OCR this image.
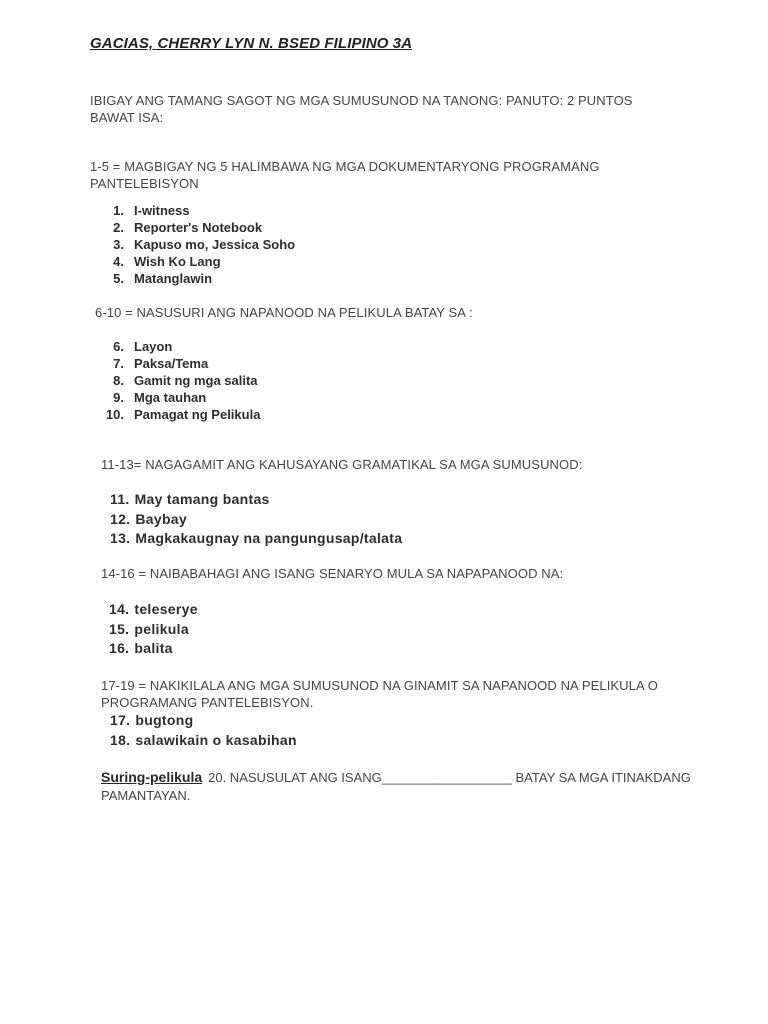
GACIAS, CHERRY LYN N. BSED FILIPINO 3A
IBIGAY ANG TAMANG SAGOT NG MGA SUMUSUNOD NA TANONG: PANUTO: 2 PUNTOS BAWAT ISA:
1-5 = MAGBIGAY NG 5 HALIMBAWA NG MGA DOKUMENTARYONG PROGRAMANG PANTELEBISYON
1. I-witness
2. Reporter's Notebook
3. Kapuso mo, Jessica Soho
4. Wish Ko Lang
5. Matanglawin
6-10 = NASUSURI ANG NAPANOOD NA PELIKULA BATAY SA :
6. Layon
7. Paksa/Tema
8. Gamit ng mga salita
9. Mga tauhan
10. Pamagat ng Pelikula
11-13= NAGAGAMIT ANG KAHUSAYANG GRAMATIKAL SA MGA SUMUSUNOD:
11. May tamang bantas
12. Baybay
13. Magkakaugnay na pangungusap/talata
14-16 = NAIBABAHAGI ANG ISANG SENARYO MULA SA NAPAPANOOD NA:
14. teleserye
15. pelikula
16. balita
17-19 = NAKIKILALA ANG MGA SUMUSUNOD NA GINAMIT SA NAPANOOD NA PELIKULA O PROGRAMANG PANTELEBISYON.
17. bugtong
18. salawikain o kasabihan
Suring-pelikula 20. NASUSULAT ANG ISANG__________________ BATAY SA MGA ITINAKDANG PAMANTAYAN.
